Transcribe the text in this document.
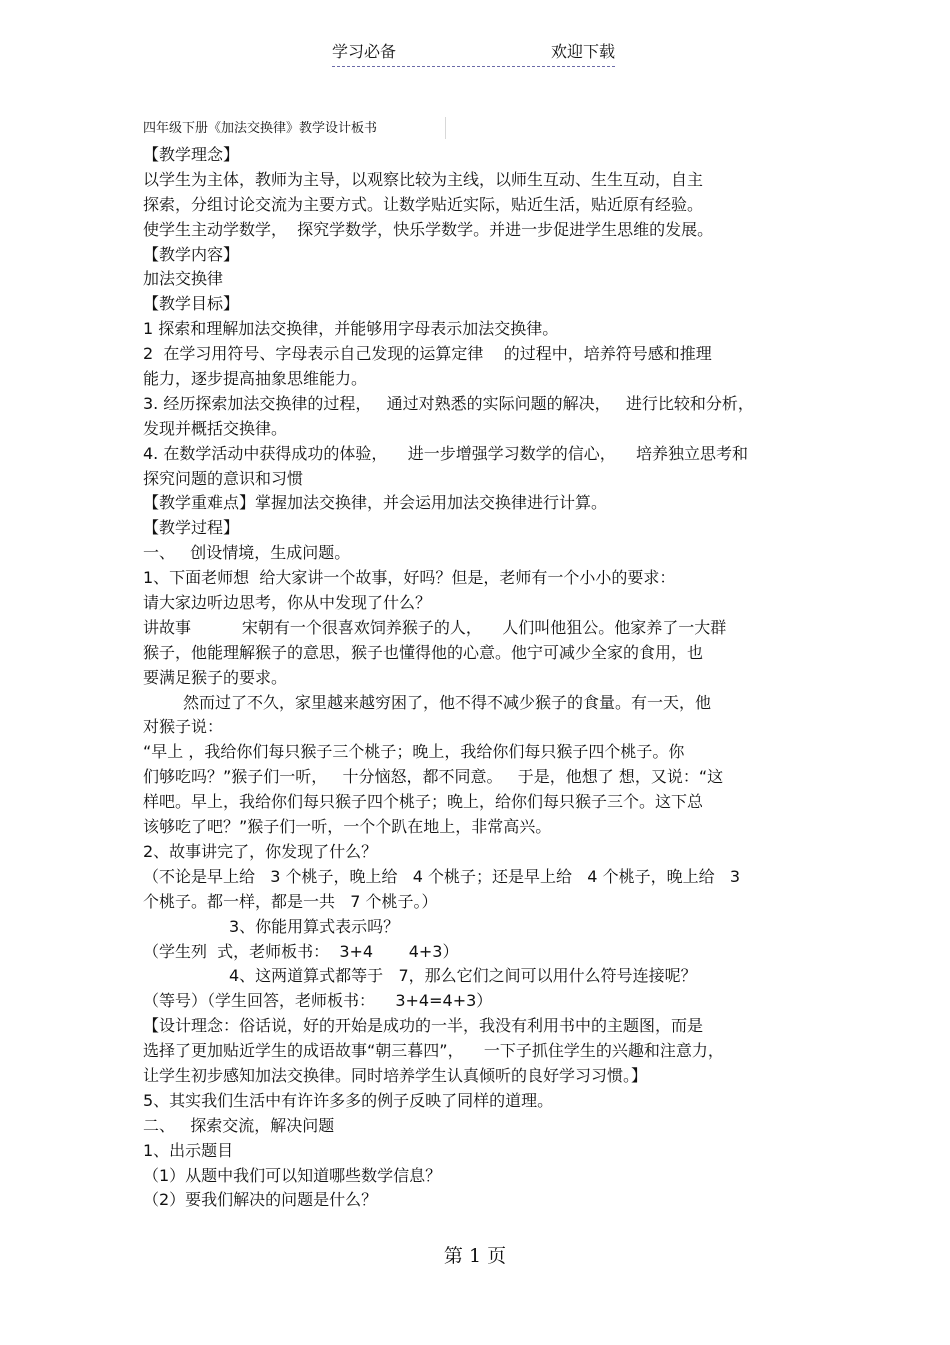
学习必备	欢迎下载
四年级下册《加法交换律》教学设计板书
【教学理念】
以学生为主体，教师为主导，以观察比较为主线，以师生互动、生生互动，自主
探索，分组讨论交流为主要方式。让数学贴近实际，贴近生活，贴近原有经验。
使学生主动学数学，  探究学数学，快乐学数学。并进一步促进学生思维的发展。
【教学内容】
加法交换律
【教学目标】
1 探索和理解加法交换律，并能够用字母表示加法交换律。
2  在学习用符号、字母表示自己发现的运算定律    的过程中，培养符号感和推理
能力，逐步提高抽象思维能力。
3. 经历探索加法交换律的过程，   通过对熟悉的实际问题的解决，   进行比较和分析，
发现并概括交换律。
4. 在数学活动中获得成功的体验，    进一步增强学习数学的信心，    培养独立思考和
探究问题的意识和习惯
【教学重难点】掌握加法交换律，并会运用加法交换律进行计算。
【教学过程】
一、   创设情境，生成问题。
1、下面老师想  给大家讲一个故事，好吗？但是，老师有一个小小的要求：
请大家边听边思考，你从中发现了什么？
讲故事          宋朝有一个很喜欢饲养猴子的人，    人们叫他狙公。他家养了一大群
猴子，他能理解猴子的意思，猴子也懂得他的心意。他宁可减少全家的食用，也
要满足猴子的要求。
然而过了不久，家里越来越穷困了，他不得不减少猴子的食量。有一天，他
对猴子说：
“早上 ，我给你们每只猴子三个桃子；晚上，我给你们每只猴子四个桃子。你
们够吃吗？”猴子们一听，   十分恼怒，都不同意。   于是，他想了 想，又说：“这
样吧。早上，我给你们每只猴子四个桃子；晚上，给你们每只猴子三个。这下总
该够吃了吧？”猴子们一听，一个个趴在地上，非常高兴。
2、故事讲完了，你发现了什么？
（不论是早上给   3 个桃子，晚上给   4 个桃子；还是早上给   4 个桃子，晚上给   3
个桃子。都一样，都是一共   7 个桃子。）
3、你能用算式表示吗？
（学生列  式，老师板书：  3+4       4+3）
4、这两道算式都等于   7，那么它们之间可以用什么符号连接呢？
（等号）（学生回答，老师板书：    3+4=4+3）
【设计理念：俗话说，好的开始是成功的一半，我没有利用书中的主题图，而是
选择了更加贴近学生的成语故事“朝三暮四”，    一下子抓住学生的兴趣和注意力，
让学生初步感知加法交换律。同时培养学生认真倾听的良好学习习惯。】
5、其实我们生活中有许许多多的例子反映了同样的道理。
二、   探索交流，解决问题
1、出示题目
（1）从题中我们可以知道哪些数学信息？
（2）要我们解决的问题是什么？
第 1 页
